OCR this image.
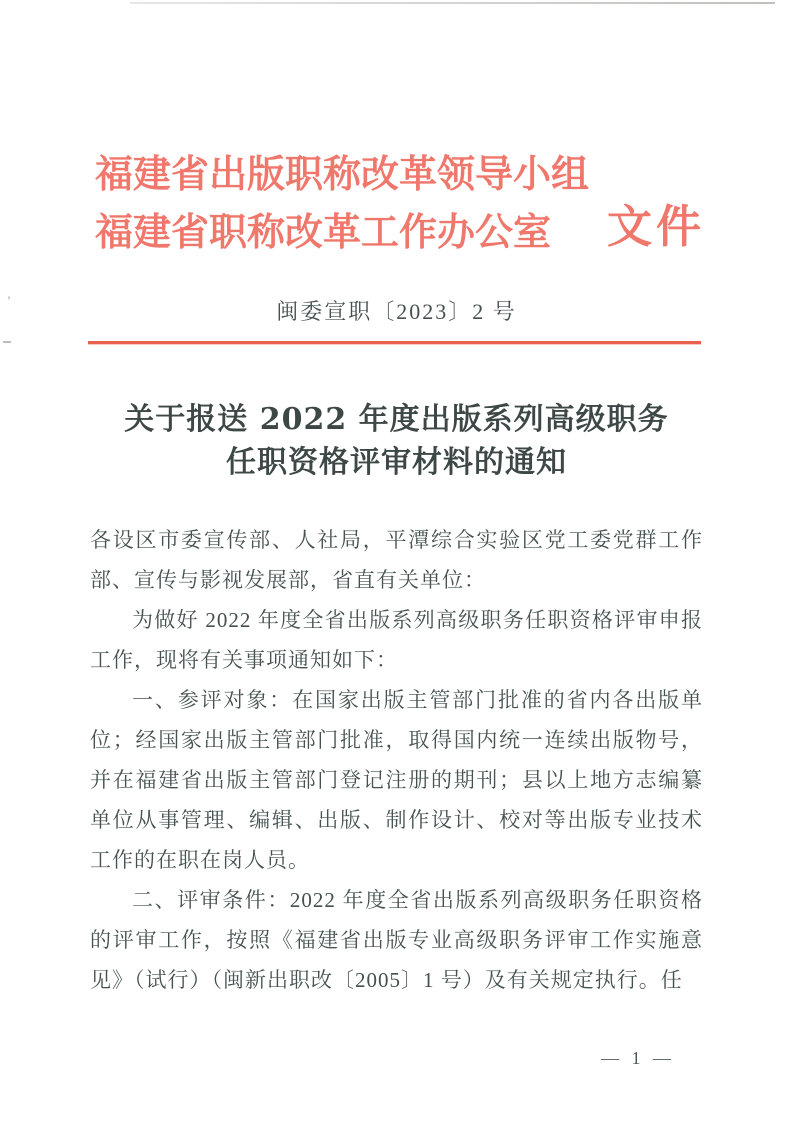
’
福建省出版职称改革领导小组
福建省职称改革工作办公室	文件
闽委宣职〔2023〕2 号
关于报送 2022 年度出版系列高级职务
任职资格评审材料的通知

各设区市委宣传部、人社局，平潭综合实验区党工委党群工作部、宣传与影视发展部，省直有关单位：

为做好 2022 年度全省出版系列高级职务任职资格评审申报工作，现将有关事项通知如下：

一、参评对象：在国家出版主管部门批准的省内各出版单位；经国家出版主管部门批准，取得国内统一连续出版物号，并在福建省出版主管部门登记注册的期刊；县以上地方志编纂单位从事管理、编辑、出版、制作设计、校对等出版专业技术工作的在职在岗人员。

二、评审条件：2022 年度全省出版系列高级职务任职资格的评审工作，按照《福建省出版专业高级职务评审工作实施意见》（试行）（闽新出职改〔2005〕1 号）及有关规定执行。任

— 1 —
